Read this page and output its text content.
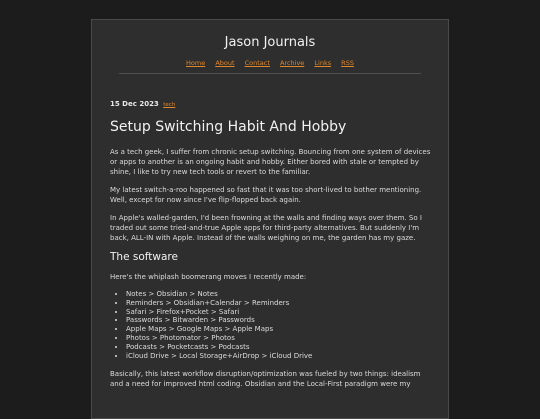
Jason Journals
Home About Contact Archive Links RSS
15 Dec 2023 tech
Setup Switching Habit And Hobby

As a tech geek, I suffer from chronic setup switching. Bouncing from one system of devices or apps to another is an ongoing habit and hobby. Either bored with stale or tempted by shine, I like to try new tech tools or revert to the familiar.

My latest switch-a-roo happened so fast that it was too short-lived to bother mentioning. Well, except for now since I've flip-flopped back again.

In Apple's walled-garden, I'd been frowning at the walls and finding ways over them. So I traded out some tried-and-true Apple apps for third-party alternatives. But suddenly I'm back, ALL-IN with Apple. Instead of the walls weighing on me, the garden has my gaze.

The software

Here's the whiplash boomerang moves I recently made:

• Notes > Obsidian > Notes
• Reminders > Obsidian+Calendar > Reminders
• Safari > Firefox+Pocket > Safari
• Passwords > Bitwarden > Passwords
• Apple Maps > Google Maps > Apple Maps
• Photos > Photomator > Photos
• Podcasts > Pocketcasts > Podcasts
• iCloud Drive > Local Storage+AirDrop > iCloud Drive

Basically, this latest workflow disruption/optimization was fueled by two things: idealism and a need for improved html coding. Obsidian and the Local-First paradigm were my
